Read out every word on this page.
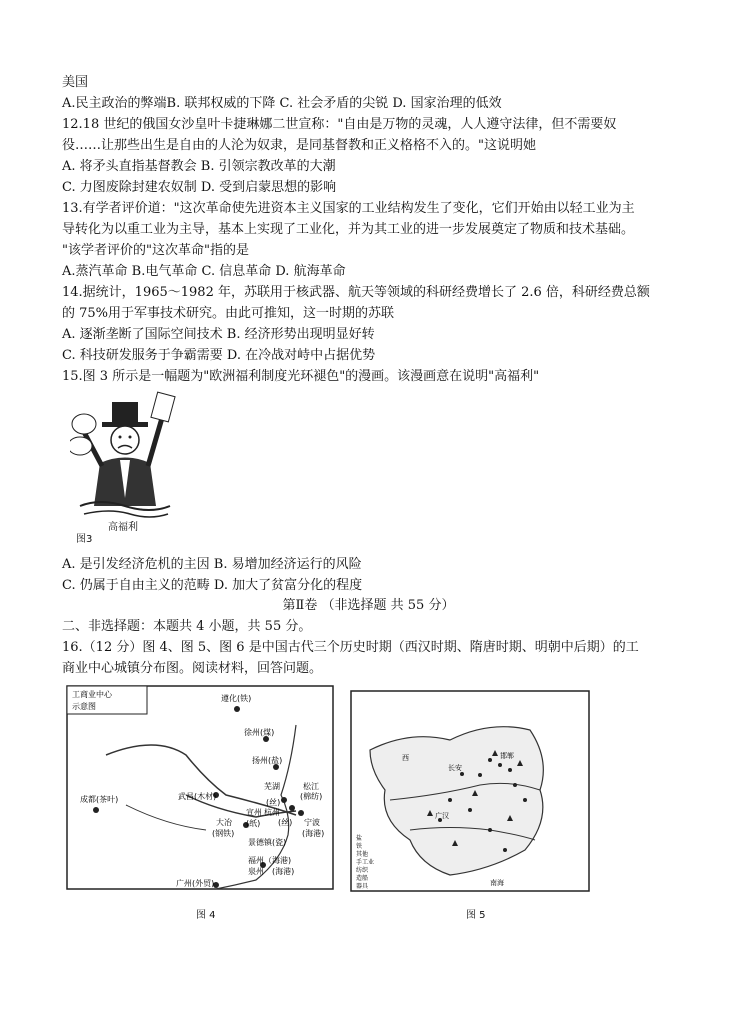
美国
A.民主政治的弊端B. 联邦权威的下降 C. 社会矛盾的尖锐 D. 国家治理的低效
12.18 世纪的俄国女沙皇叶卡捷琳娜二世宣称："自由是万物的灵魂，人人遵守法律，但不需要奴
役……让那些出生是自由的人沦为奴隶，是同基督教和正义格格不入的。"这说明她
A. 将矛头直指基督教会 B. 引领宗教改革的大潮
C. 力图废除封建农奴制 D. 受到启蒙思想的影响
13.有学者评价道："这次革命使先进资本主义国家的工业结构发生了变化，它们开始由以轻工业为主
导转化为以重工业为主导，基本上实现了工业化，并为其工业的进一步发展奠定了物质和技术基础。
"该学者评价的"这次革命"指的是
A.蒸汽革命 B.电气革命 C. 信息革命 D. 航海革命
14.据统计，1965～1982 年，苏联用于核武器、航天等领域的科研经费增长了 2.6 倍，科研经费总额
的 75%用于军事技术研究。由此可推知，这一时期的苏联
A. 逐渐垄断了国际空间技术 B. 经济形势出现明显好转
C. 科技研发服务于争霸需要 D. 在冷战对峙中占据优势
15.图 3 所示是一幅题为"欧洲福利制度光环褪色"的漫画。该漫画意在说明"高福利"
高福利
图3
A. 是引发经济危机的主因 B. 易增加经济运行的风险
C. 仍属于自由主义的范畴 D. 加大了贫富分化的程度
第Ⅱ卷 （非选择题 共 55 分）
二、非选择题：本题共 4 小题，共 55 分。
16.（12 分）图 4、图 5、图 6 是中国古代三个历史时期（西汉时期、隋唐时期、明朝中后期）的工
商业中心城镇分布图。阅读材料，回答问题。
工商业中心
示意图
遵化(铁)
徐州(煤)
扬州(盐)
成都(茶叶)	武昌(木材)
芜湖
杭州
松江
(棉纺)
大冶
(钢铁)
宣州
(纸)
景德镇(瓷)
宁波
(海港)
福州（海港)
泉州 (海港)
广州(外贸)
(丝)
(丝)
图 4
邯郸
长安
西
广汉
南海
盐
铁
其他
手工业
纺织
造船
器具
图 5
